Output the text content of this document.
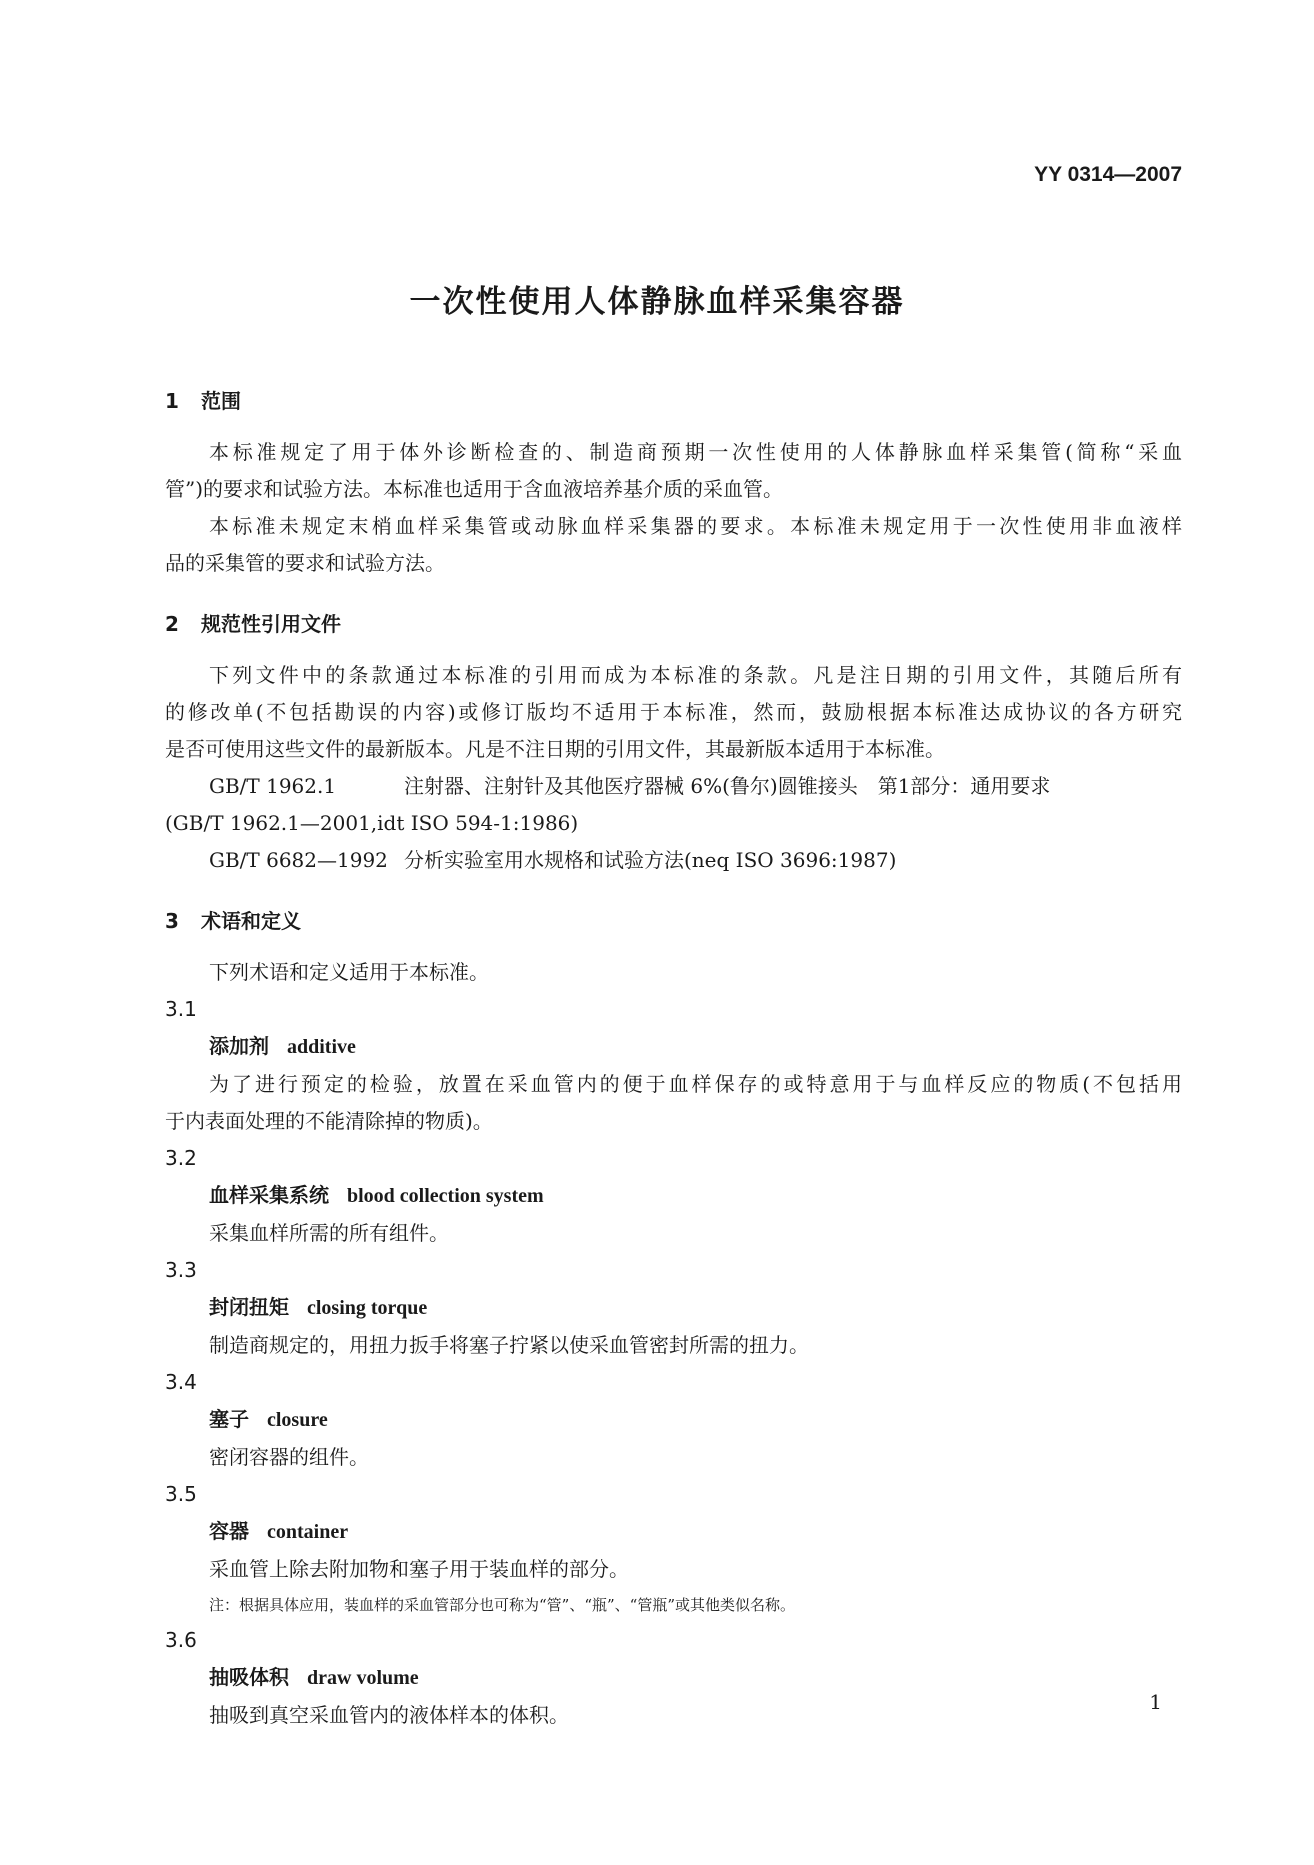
YY 0314—2007
一次性使用人体静脉血样采集容器
1 范围
本标准规定了用于体外诊断检查的、制造商预期一次性使用的人体静脉血样采集管(简称“采血
管”)的要求和试验方法。本标准也适用于含血液培养基介质的采血管。
本标准未规定末梢血样采集管或动脉血样采集器的要求。本标准未规定用于一次性使用非血液样
品的采集管的要求和试验方法。
2 规范性引用文件
下列文件中的条款通过本标准的引用而成为本标准的条款。凡是注日期的引用文件，其随后所有
的修改单(不包括勘误的内容)或修订版均不适用于本标准，然而，鼓励根据本标准达成协议的各方研究
是否可使用这些文件的最新版本。凡是不注日期的引用文件，其最新版本适用于本标准。
GB/T 1962.1	注射器、注射针及其他医疗器械 6%(鲁尔)圆锥接头　第1部分：通用要求
(GB/T 1962.1—2001,idt ISO 594-1:1986)
GB/T 6682—1992 分析实验室用水规格和试验方法(neq ISO 3696:1987)
3 术语和定义
下列术语和定义适用于本标准。
3.1
添加剂 additive
为了进行预定的检验，放置在采血管内的便于血样保存的或特意用于与血样反应的物质(不包括用
于内表面处理的不能清除掉的物质)。
3.2
血样采集系统 blood collection system
采集血样所需的所有组件。
3.3
封闭扭矩 closing torque
制造商规定的，用扭力扳手将塞子拧紧以使采血管密封所需的扭力。
3.4
塞子 closure
密闭容器的组件。
3.5
容器 container
采血管上除去附加物和塞子用于装血样的部分。
注：根据具体应用，装血样的采血管部分也可称为“管”、“瓶”、“管瓶”或其他类似名称。
3.6
抽吸体积 draw volume
抽吸到真空采血管内的液体样本的体积。
1
